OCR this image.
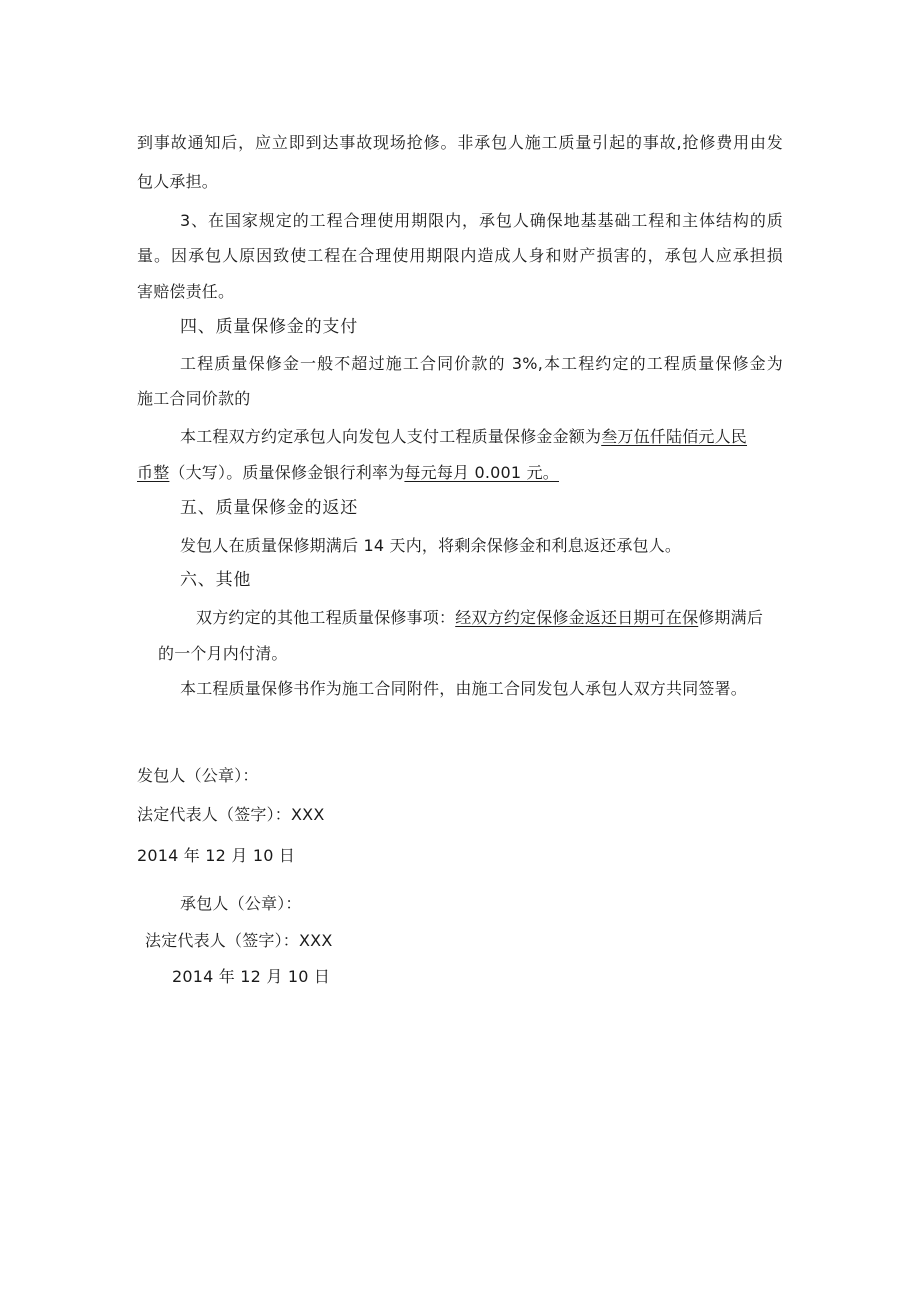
到事故通知后，应立即到达事故现场抢修。非承包人施工质量引起的事故,抢修费用由发
包人承担。
3、在国家规定的工程合理使用期限内，承包人确保地基基础工程和主体结构的质
量。因承包人原因致使工程在合理使用期限内造成人身和财产损害的，承包人应承担损
害赔偿责任。
四、质量保修金的支付
工程质量保修金一般不超过施工合同价款的 3%,本工程约定的工程质量保修金为
施工合同价款的
本工程双方约定承包人向发包人支付工程质量保修金金额为叁万伍仟陆佰元人民
币整（大写）。质量保修金银行利率为每元每月 0.001 元。
五、质量保修金的返还
发包人在质量保修期满后 14 天内，将剩余保修金和利息返还承包人。
六、其他
双方约定的其他工程质量保修事项：经双方约定保修金返还日期可在保修期满后
的一个月内付清。
本工程质量保修书作为施工合同附件，由施工合同发包人承包人双方共同签署。
发包人（公章）：
法定代表人（签字）：XXX
2014 年 12 月 10 日
承包人（公章）：
法定代表人（签字）：XXX
2014 年 12 月 10 日
